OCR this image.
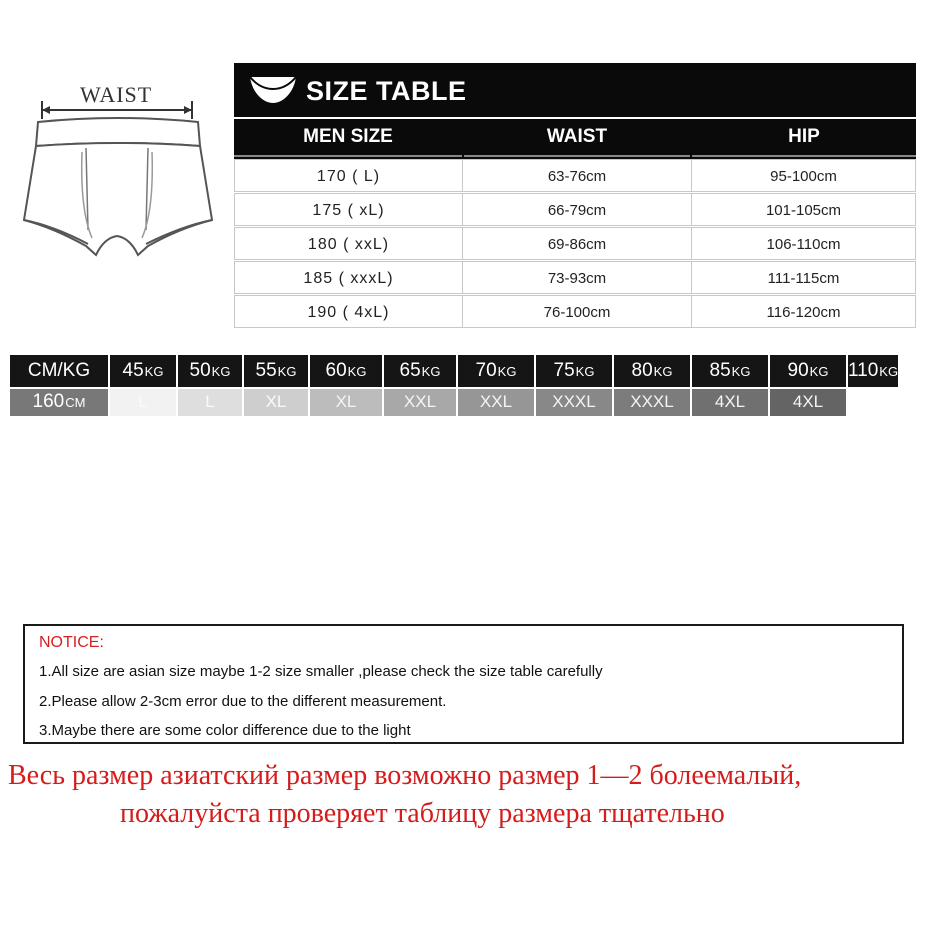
WAIST	SIZE TABLE
MEN SIZE	WAIST	HIP
170 ( L)	63-76cm	95-100cm
175 ( xL)	66-79cm	101-105cm
180 ( xxL)	69-86cm	106-110cm
185 ( xxxL)	73-93cm	111-115cm
190 ( 4xL)	76-100cm	116-120cm
CM/KG	45 KG 50 KG 55 KG 60 KG 65 KG 70 KG 75 KG 80 KG 85 KG 90 KG 110 KG
160 CM	L	L	XL	XL	XXL	XXL	XXXL	XXXL	4XL	4XL
NOTICE:
1.All size are asian size maybe 1-2 size smaller ,please check the size table carefully
2.Please allow 2-3cm error due to the different measurement.
3.Maybe there are some color difference due to the light
Весь размер азиатский размер возможно размер 1—2 болеемалый,
пожалуйста проверяет таблицу размера тщательно
